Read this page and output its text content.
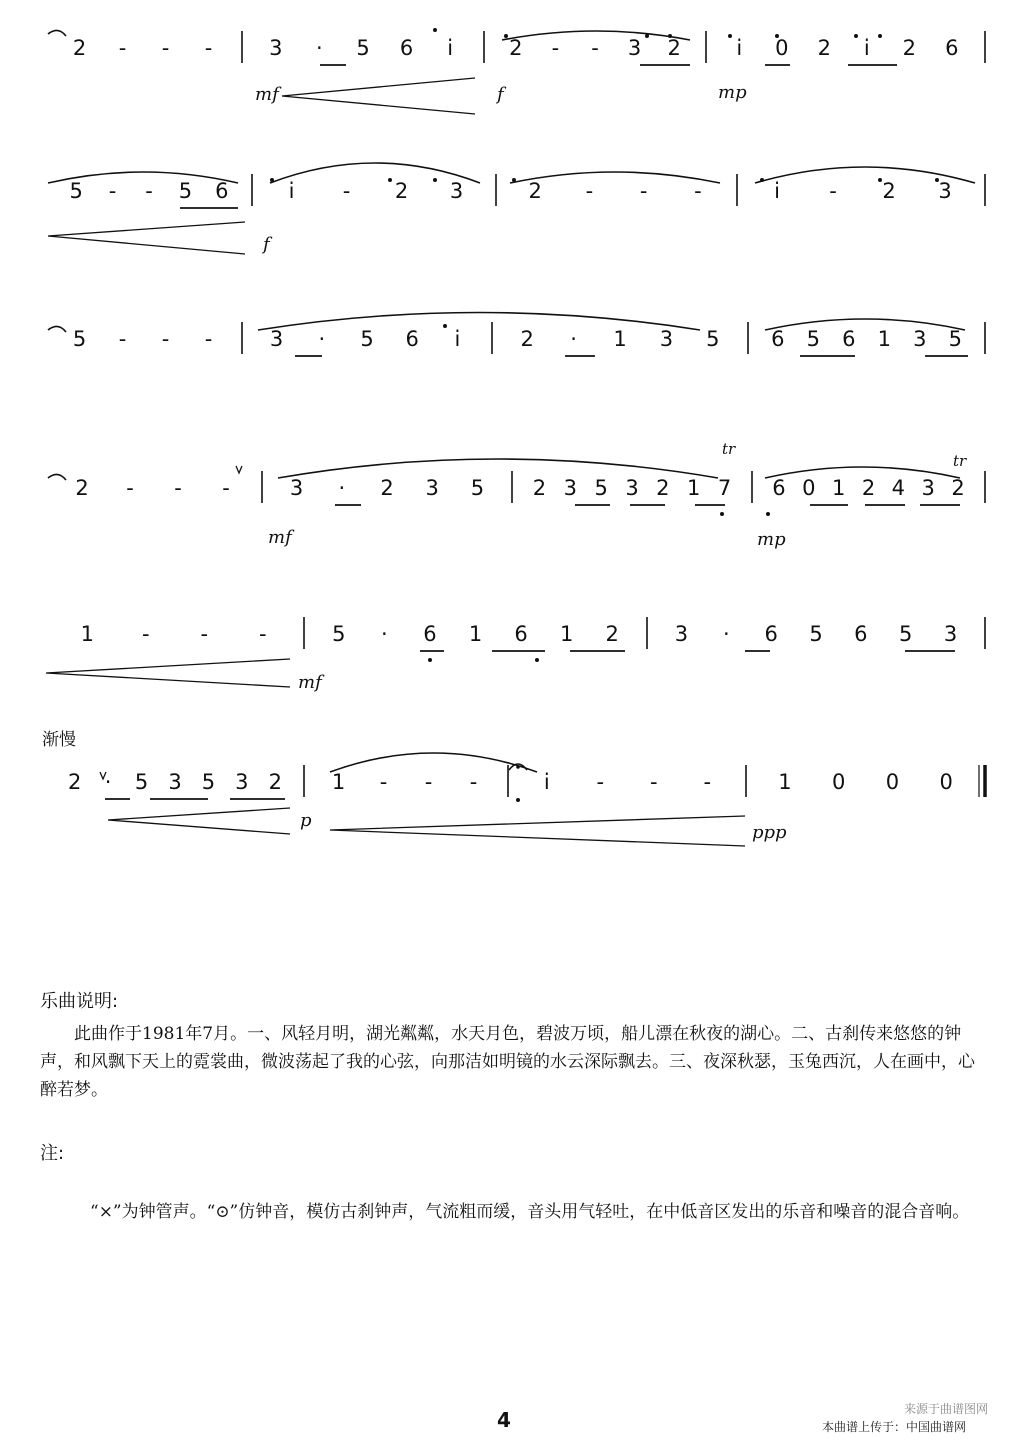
2 - - -	3 · 5 6 i	2 - - 3 2	i 0 2 i 2 6
mf	f	mp
5 - - 5 6	i - 2 3	2 - - -	i - 2 3
f
5 - - -	3 · 5 6 i	2 · 1 3 5 6 5 6 1 3 5
2 - - -	3 · 2 3 5 2 3 5 3 2 1 7 6 0 1 2 4 3 2
mf	mp
tr
tr
1 - - -	5 · 6 1 6 1 2	3 · 6 5 6 5 3
mf
2 · 5 3 5 3 2 1 - - -	i - - -	1 0 0 0
p
ppp
渐慢
乐曲说明:
此曲作于1981年7月。一、风轻月明，湖光粼粼，水天月色，碧波万顷，船儿漂在秋夜的湖心。二、古刹传来悠悠的钟声，和风飘下天上的霓裳曲，微波荡起了我的心弦，向那洁如明镜的水云深际飘去。三、夜深秋瑟，玉兔西沉，人在画中，心醉若梦。
注:
“×”为钟管声。“⊙”仿钟音，模仿古刹钟声，气流粗而缓，音头用气轻吐，在中低音区发出的乐音和噪音的混合音响。
4	来源于曲谱图网
本曲谱上传于：中国曲谱网
